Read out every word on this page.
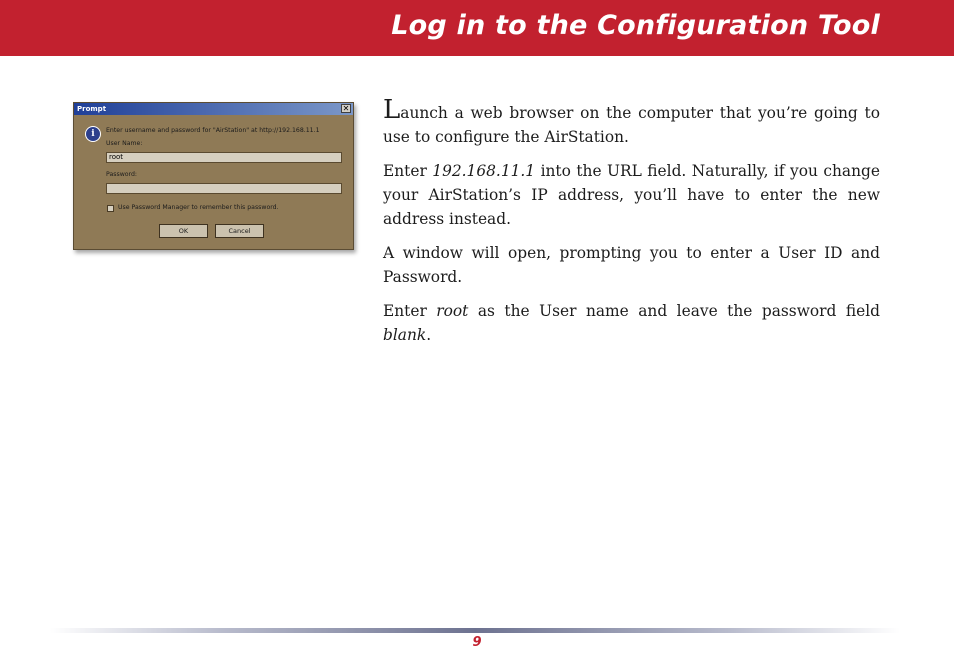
Log in to the Configuration Tool
Prompt	✕
i	Enter username and password for "AirStation" at http://192.168.11.1
User Name:
root
Password:
Use Password Manager to remember this password.
OK	Cancel

Launch a web browser on the computer that you’re going to use to configure the AirStation.

Enter 192.168.11.1 into the URL field. Naturally, if you change your AirStation’s IP address, you’ll have to enter the new address instead.

A window will open, prompting you to enter a User ID and Password.

Enter root as the User name and leave the password field blank.

9
